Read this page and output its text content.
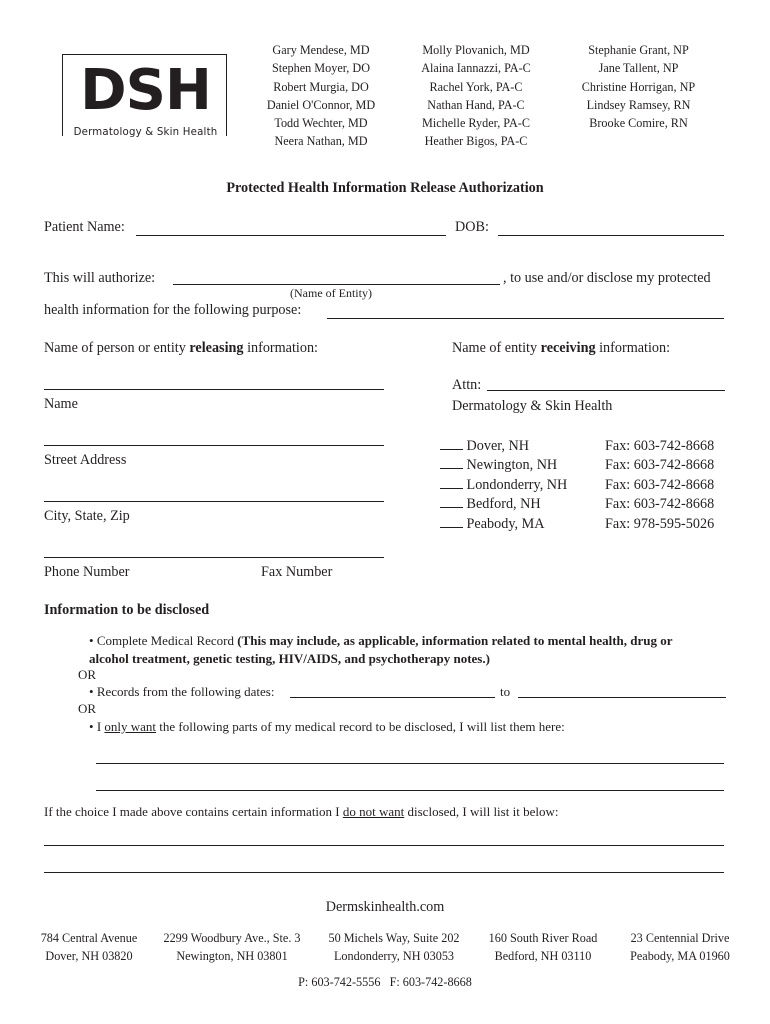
DSH
Dermatology & Skin Health
Gary Mendese, MD
Stephen Moyer, DO
Robert Murgia, DO
Daniel O'Connor, MD
Todd Wechter, MD
Neera Nathan, MD
Molly Plovanich, MD
Alaina Iannazzi, PA-C
Rachel York, PA-C
Nathan Hand, PA-C
Michelle Ryder, PA-C
Heather Bigos, PA-C
Stephanie Grant, NP
Jane Tallent, NP
Christine Horrigan, NP
Lindsey Ramsey, RN
Brooke Comire, RN
Protected Health Information Release Authorization
Patient Name:	DOB:
This will authorize:	, to use and/or disclose my protected
(Name of Entity)
health information for the following purpose:
Name of person or entity releasing information:	Name of entity receiving information:
Name
Street Address
City, State, Zip
Phone Number	Fax Number
Attn:
Dermatology & Skin Health
Dover, NH	Fax: 603-742-8668
Newington, NH	Fax: 603-742-8668
Londonderry, NH	Fax: 603-742-8668
Bedford, NH	Fax: 603-742-8668
Peabody, MA	Fax: 978-595-5026
Information to be disclosed
• Complete Medical Record (This may include, as applicable, information related to mental health, drug or
alcohol treatment, genetic testing, HIV/AIDS, and psychotherapy notes.)
OR
• Records from the following dates:	to
OR
• I only want the following parts of my medical record to be disclosed, I will list them here:
If the choice I made above contains certain information I do not want disclosed, I will list it below:
Dermskinhealth.com
784 Central Avenue
Dover, NH 03820
2299 Woodbury Ave., Ste. 3
Newington, NH 03801
50 Michels Way, Suite 202
Londonderry, NH 03053
160 South River Road
Bedford, NH 03110
23 Centennial Drive
Peabody, MA 01960
P: 603-742-5556 F: 603-742-8668
